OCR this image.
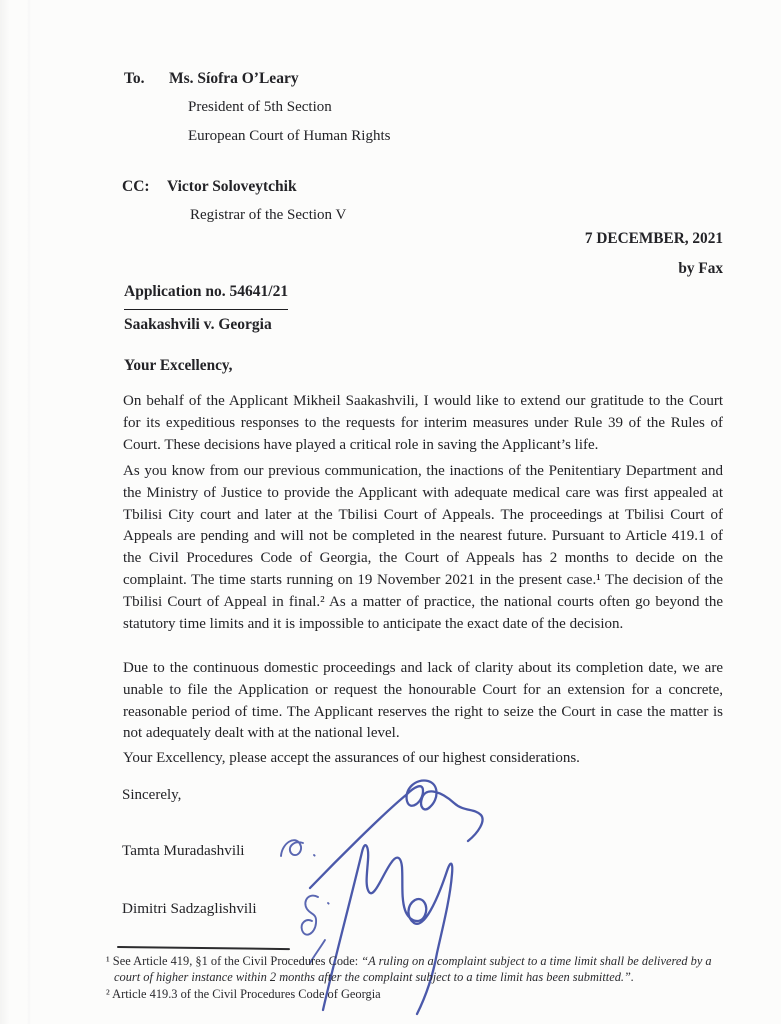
To.	Ms. Síofra O’Leary
President of 5th Section
European Court of Human Rights
CC:	Victor Soloveytchik
Registrar of the Section V
7 DECEMBER, 2021
by Fax
Application no. 54641/21
Saakashvili v. Georgia
Your Excellency,

On behalf of the Applicant Mikheil Saakashvili, I would like to extend our gratitude to the Court for its expeditious responses to the requests for interim measures under Rule 39 of the Rules of Court. These decisions have played a critical role in saving the Applicant’s life.

As you know from our previous communication, the inactions of the Penitentiary Department and the Ministry of Justice to provide the Applicant with adequate medical care was first appealed at Tbilisi City court and later at the Tbilisi Court of Appeals. The proceedings at Tbilisi Court of Appeals are pending and will not be completed in the nearest future. Pursuant to Article 419.1 of the Civil Procedures Code of Georgia, the Court of Appeals has 2 months to decide on the complaint. The time starts running on 19 November 2021 in the present case.¹ The decision of the Tbilisi Court of Appeal in final.² As a matter of practice, the national courts often go beyond the statutory time limits and it is impossible to anticipate the exact date of the decision.

Due to the continuous domestic proceedings and lack of clarity about its completion date, we are unable to file the Application or request the honourable Court for an extension for a concrete, reasonable period of time. The Applicant reserves the right to seize the Court in case the matter is not adequately dealt with at the national level.

Your Excellency, please accept the assurances of our highest considerations.
Sincerely,
Tamta Muradashvili
Dimitri Sadzaglishvili
¹ See Article 419, §1 of the Civil Procedures Code: “A ruling on a complaint subject to a time limit shall be delivered by a court of higher instance within 2 months after the complaint subject to a time limit has been submitted.”.
² Article 419.3 of the Civil Procedures Code of Georgia
